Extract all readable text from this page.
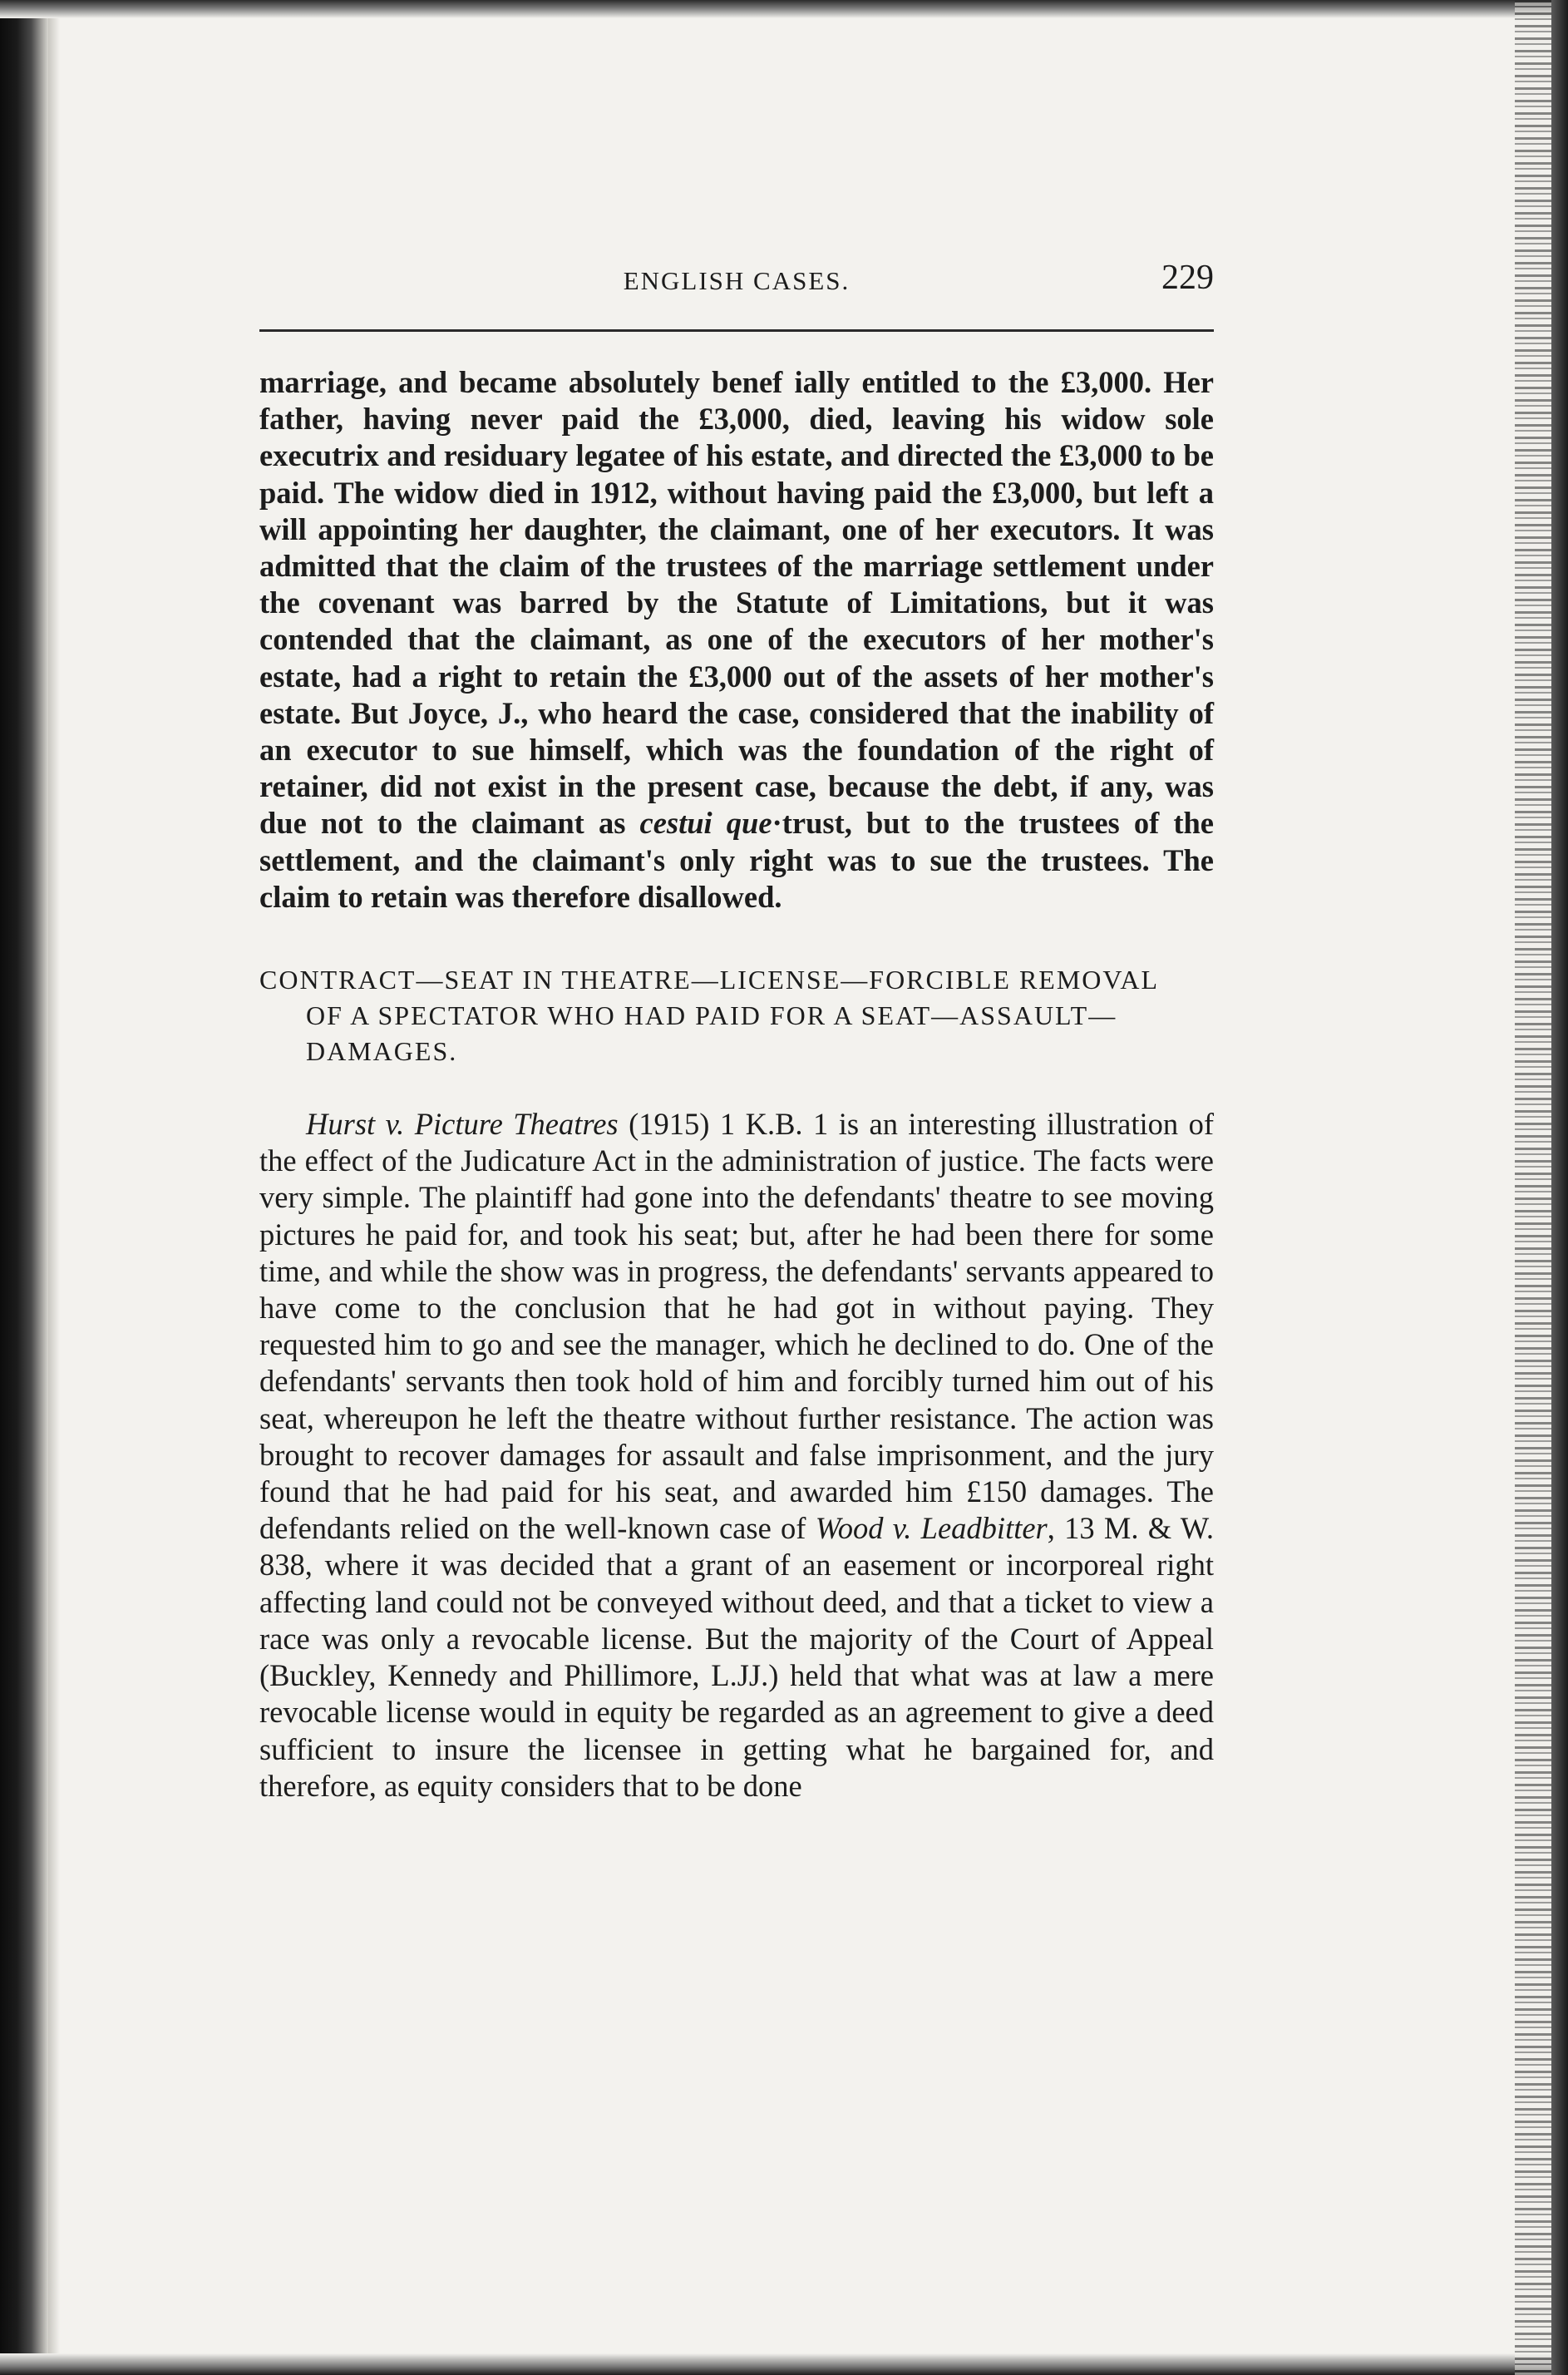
ENGLISH CASES.	229

marriage, and became absolutely benef ially entitled to the £3,000. Her father, having never paid the £3,000, died, leaving his widow sole executrix and residuary legatee of his estate, and directed the £3,000 to be paid. The widow died in 1912, without having paid the £3,000, but left a will appointing her daughter, the claimant, one of her executors. It was admitted that the claim of the trustees of the marriage settlement under the covenant was barred by the Statute of Limitations, but it was contended that the claimant, as one of the executors of her mother's estate, had a right to retain the £3,000 out of the assets of her mother's estate. But Joyce, J., who heard the case, considered that the inability of an executor to sue himself, which was the foundation of the right of retainer, did not exist in the present case, because the debt, if any, was due not to the claimant as cestui que·trust, but to the trustees of the settlement, and the claimant's only right was to sue the trustees. The claim to retain was therefore disallowed.

CONTRACT—SEAT IN THEATRE—LICENSE—FORCIBLE REMOVAL
OF A SPECTATOR WHO HAD PAID FOR A SEAT—ASSAULT—
DAMAGES.

Hurst v. Picture Theatres (1915) 1 K.B. 1 is an interesting illustration of the effect of the Judicature Act in the administration of justice. The facts were very simple. The plaintiff had gone into the defendants' theatre to see moving pictures he paid for, and took his seat; but, after he had been there for some time, and while the show was in progress, the defendants' servants appeared to have come to the conclusion that he had got in without paying. They requested him to go and see the manager, which he declined to do. One of the defendants' servants then took hold of him and forcibly turned him out of his seat, whereupon he left the theatre without further resistance. The action was brought to recover damages for assault and false imprisonment, and the jury found that he had paid for his seat, and awarded him £150 damages. The defendants relied on the well-known case of Wood v. Leadbitter, 13 M. & W. 838, where it was decided that a grant of an easement or incorporeal right affecting land could not be conveyed without deed, and that a ticket to view a race was only a revocable license. But the majority of the Court of Appeal (Buckley, Kennedy and Phillimore, L.JJ.) held that what was at law a mere revocable license would in equity be regarded as an agreement to give a deed sufficient to insure the licensee in getting what he bargained for, and therefore, as equity considers that to be done
